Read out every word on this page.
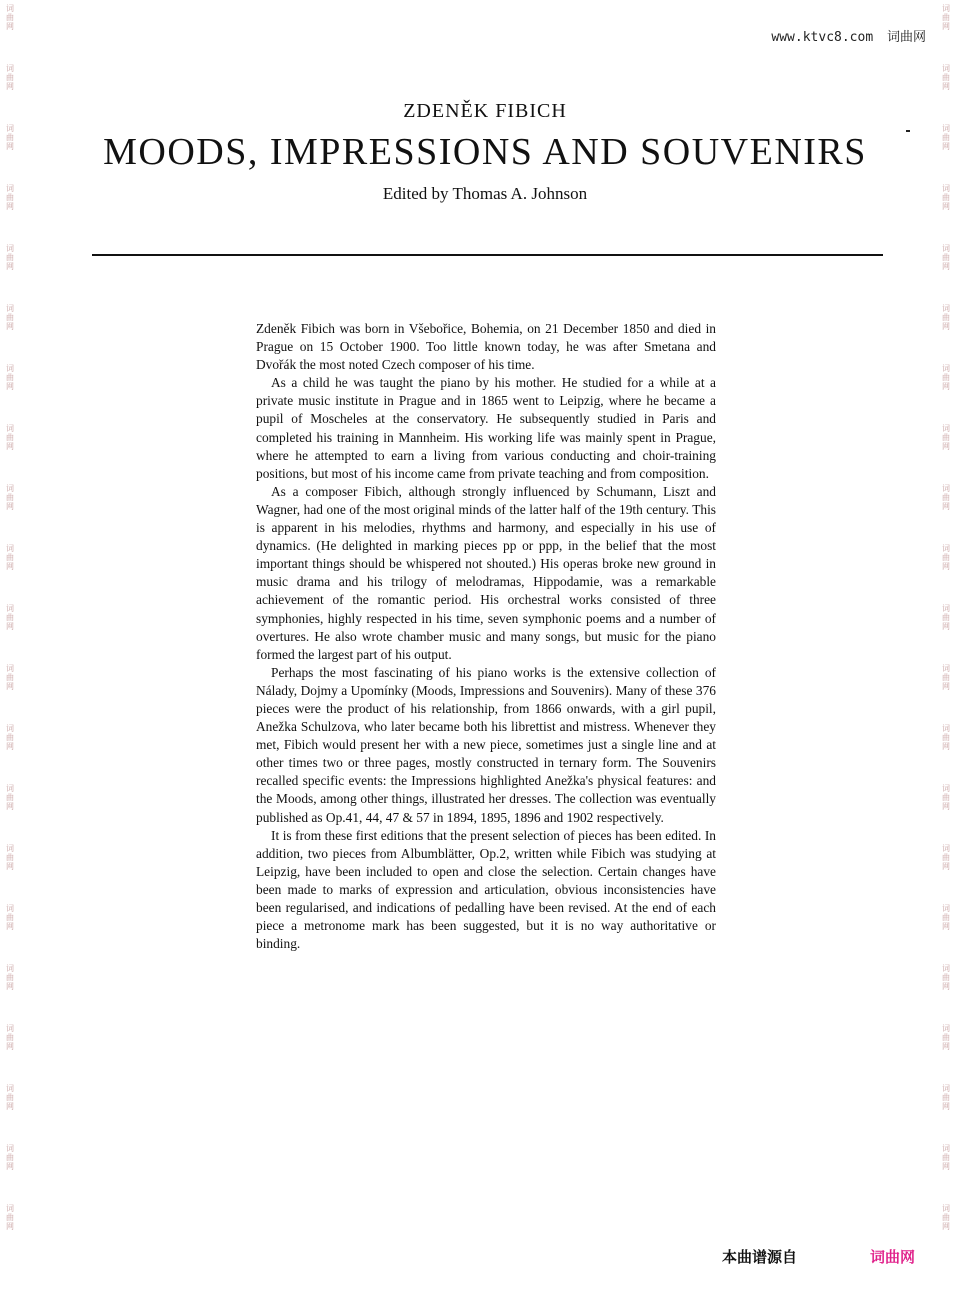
词
曲
网
词
曲
网
词
曲
网
词
曲
网
词
曲
网
词
曲
网
词
曲
网
词
曲
网
词
曲
网
词
曲
网
词
曲
网
词
曲
网
词
曲
网
词
曲
网
词
曲
网
词
曲
网
词
曲
网
词
曲
网
词
曲
网
词
曲
网
词
曲
网
词
曲
网
词
曲
网
词
曲
网
词
曲
网
词
曲
网
词
曲
网
词
曲
网
词
曲
网
词
曲
网
词
曲
网
词
曲
网
词
曲
网
词
曲
网
词
曲
网
词
曲
网
词
曲
网
词
曲
网
词
曲
网
词
曲
网
词
曲
网
词
曲
网
www.ktvc8.com 词曲网
ZDENĚK FIBICH
MOODS, IMPRESSIONS AND SOUVENIRS
Edited by Thomas A. Johnson

Zdeněk Fibich was born in Všebořice, Bohemia, on 21 December 1850 and died in Prague on 15 October 1900. Too little known today, he was after Smetana and Dvořák the most noted Czech composer of his time.

As a child he was taught the piano by his mother. He studied for a while at a private music institute in Prague and in 1865 went to Leipzig, where he became a pupil of Moscheles at the conservatory. He subsequently studied in Paris and completed his training in Mannheim. His working life was mainly spent in Prague, where he attempted to earn a living from various conducting and choir-training positions, but most of his income came from private teaching and from composition.

As a composer Fibich, although strongly influenced by Schumann, Liszt and Wagner, had one of the most original minds of the latter half of the 19th century. This is apparent in his melodies, rhythms and harmony, and especially in his use of dynamics. (He delighted in marking pieces pp or ppp, in the belief that the most important things should be whispered not shouted.) His operas broke new ground in music drama and his trilogy of melodramas, Hippodamie, was a remarkable achievement of the romantic period. His orchestral works consisted of three symphonies, highly respected in his time, seven symphonic poems and a number of overtures. He also wrote chamber music and many songs, but music for the piano formed the largest part of his output.

Perhaps the most fascinating of his piano works is the extensive collection of Nálady, Dojmy a Upomínky (Moods, Impressions and Souvenirs). Many of these 376 pieces were the product of his relationship, from 1866 onwards, with a girl pupil, Anežka Schulzova, who later became both his librettist and mistress. Whenever they met, Fibich would present her with a new piece, sometimes just a single line and at other times two or three pages, mostly constructed in ternary form. The Souvenirs recalled specific events: the Impressions highlighted Anežka's physical features: and the Moods, among other things, illustrated her dresses. The collection was eventually published as Op.41, 44, 47 & 57 in 1894, 1895, 1896 and 1902 respectively.

It is from these first editions that the present selection of pieces has been edited. In addition, two pieces from Albumblätter, Op.2, written while Fibich was studying at Leipzig, have been included to open and close the selection. Certain changes have been made to marks of expression and articulation, obvious inconsistencies have been regularised, and indications of pedalling have been revised. At the end of each piece a metronome mark has been suggested, but it is no way authoritative or binding.

本曲谱源自	词曲网
